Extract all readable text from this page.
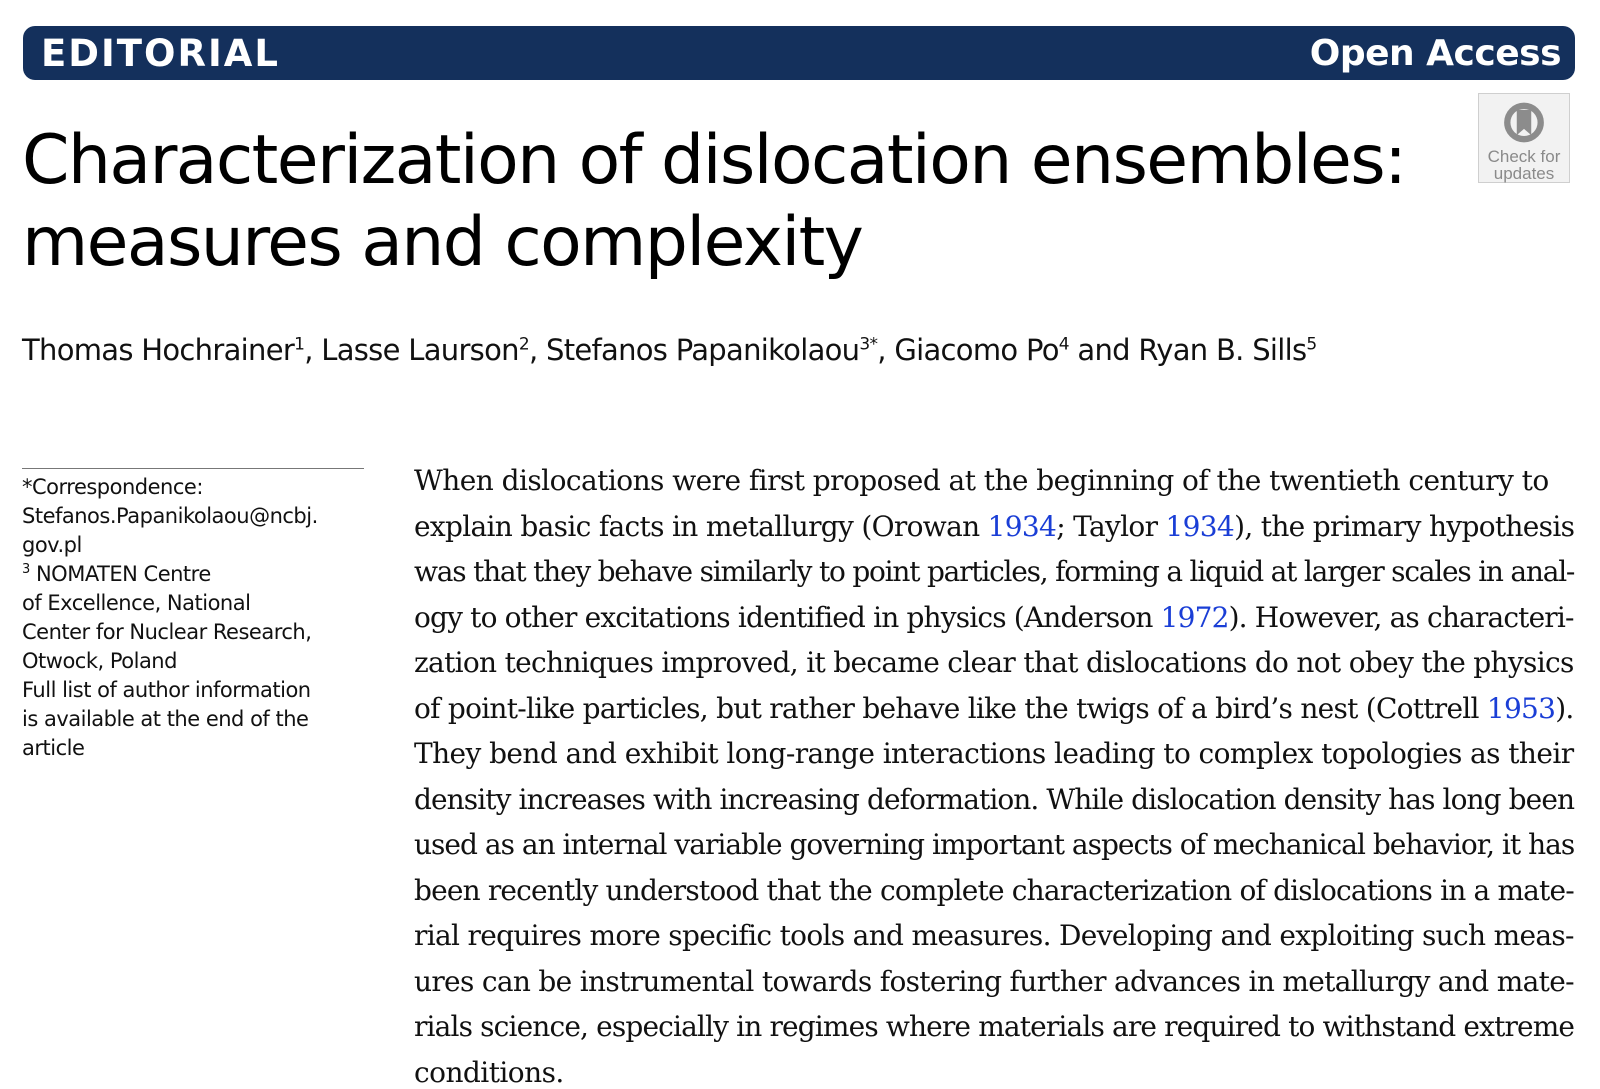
EDITORIAL	Open Access
Check for
updates
Characterization of dislocation ensembles:
measures and complexity
Thomas Hochrainer$^1$, Lasse Laurson$^2$, Stefanos Papanikolaou$^{3*}$, Giacomo Po$^4$ and Ryan B. Sills$^5$
*Correspondence:
Stefanos.Papanikolaou@ncbj.
gov.pl
$^3$ NOMATEN Centre
of Excellence, National
Center for Nuclear Research,
Otwock, Poland
Full list of author information
is available at the end of the
article
When dislocations were first proposed at the beginning of the twentieth century to
explain basic facts in metallurgy (Orowan 1934; Taylor 1934), the primary hypothesis
was that they behave similarly to point particles, forming a liquid at larger scales in anal-
ogy to other excitations identified in physics (Anderson 1972). However, as characteri-
zation techniques improved, it became clear that dislocations do not obey the physics
of point-like particles, but rather behave like the twigs of a bird’s nest (Cottrell 1953).
They bend and exhibit long-range interactions leading to complex topologies as their
density increases with increasing deformation. While dislocation density has long been
used as an internal variable governing important aspects of mechanical behavior, it has
been recently understood that the complete characterization of dislocations in a mate-
rial requires more specific tools and measures. Developing and exploiting such meas-
ures can be instrumental towards fostering further advances in metallurgy and mate-
rials science, especially in regimes where materials are required to withstand extreme
conditions.
